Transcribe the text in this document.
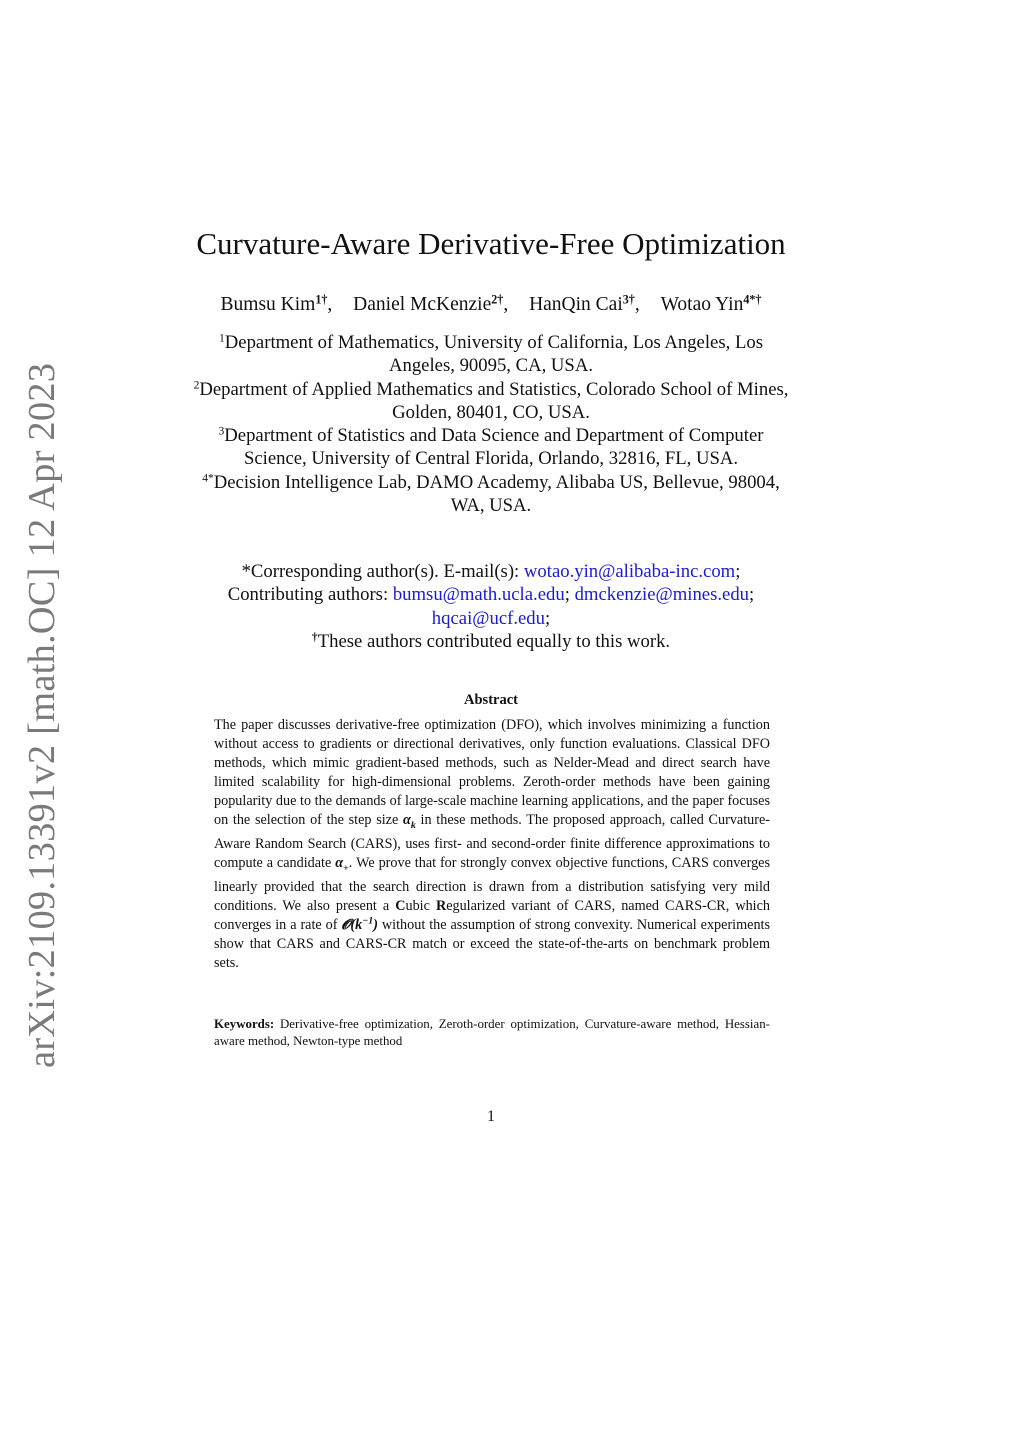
arXiv:2109.13391v2 [math.OC] 12 Apr 2023
Curvature-Aware Derivative-Free Optimization
Bumsu Kim$^{1\dagger}$, Daniel McKenzie$^{2\dagger}$, HanQin Cai$^{3\dagger}$, Wotao Yin$^{4*\dagger}$
$^1$Department of Mathematics, University of California, Los Angeles, Los Angeles, 90095, CA, USA.
$^2$Department of Applied Mathematics and Statistics, Colorado School of Mines, Golden, 80401, CO, USA.
$^3$Department of Statistics and Data Science and Department of Computer Science, University of Central Florida, Orlando, 32816, FL, USA.
$^{4*}$Decision Intelligence Lab, DAMO Academy, Alibaba US, Bellevue, 98004, WA, USA.
*Corresponding author(s). E-mail(s): wotao.yin@alibaba-inc.com;
Contributing authors: bumsu@math.ucla.edu; dmckenzie@mines.edu;
hqcai@ucf.edu;
†These authors contributed equally to this work.
Abstract
The paper discusses derivative-free optimization (DFO), which involves minimizing a function without access to gradients or directional derivatives, only function evaluations. Classical DFO methods, which mimic gradient-based methods, such as Nelder-Mead and direct search have limited scalability for high-dimensional problems. Zeroth-order methods have been gaining popularity due to the demands of large-scale machine learning applications, and the paper focuses on the selection of the step size $\alpha_k$ in these methods. The proposed approach, called Curvature-Aware Random Search (CARS), uses first- and second-order finite difference approximations to compute a candidate $\alpha_+$. We prove that for strongly convex objective functions, CARS converges linearly provided that the search direction is drawn from a distribution satisfying very mild conditions. We also present a Cubic Regularized variant of CARS, named CARS-CR, which converges in a rate of $𝓞(k^{-1})$ without the assumption of strong convexity. Numerical experiments show that CARS and CARS-CR match or exceed the state-of-the-arts on benchmark problem sets.
Keywords: Derivative-free optimization, Zeroth-order optimization, Curvature-aware method, Hessian-aware method, Newton-type method
1
